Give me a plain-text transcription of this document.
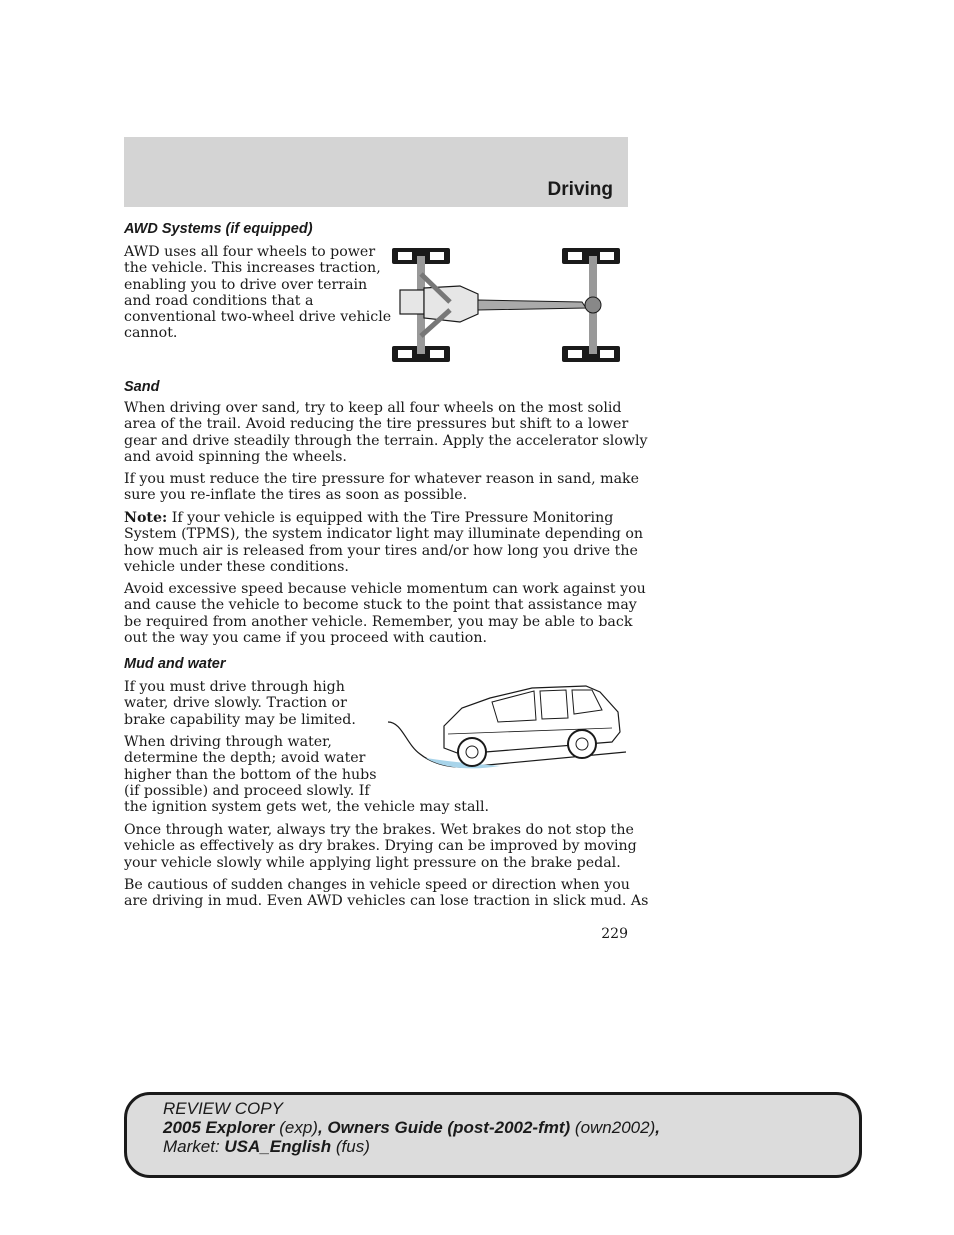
Driving
AWD Systems (if equipped)
AWD uses all four wheels to power
the vehicle. This increases traction,
enabling you to drive over terrain
and road conditions that a
conventional two-wheel drive vehicle
cannot.
Sand
When driving over sand, try to keep all four wheels on the most solid
area of the trail. Avoid reducing the tire pressures but shift to a lower
gear and drive steadily through the terrain. Apply the accelerator slowly
and avoid spinning the wheels.
If you must reduce the tire pressure for whatever reason in sand, make
sure you re-inflate the tires as soon as possible.
Note: If your vehicle is equipped with the Tire Pressure Monitoring
System (TPMS), the system indicator light may illuminate depending on
how much air is released from your tires and/or how long you drive the
vehicle under these conditions.
Avoid excessive speed because vehicle momentum can work against you
and cause the vehicle to become stuck to the point that assistance may
be required from another vehicle. Remember, you may be able to back
out the way you came if you proceed with caution.
Mud and water
If you must drive through high
water, drive slowly. Traction or
brake capability may be limited.
When driving through water,
determine the depth; avoid water
higher than the bottom of the hubs
(if possible) and proceed slowly. If
the ignition system gets wet, the vehicle may stall.
Once through water, always try the brakes. Wet brakes do not stop the
vehicle as effectively as dry brakes. Drying can be improved by moving
your vehicle slowly while applying light pressure on the brake pedal.
Be cautious of sudden changes in vehicle speed or direction when you
are driving in mud. Even AWD vehicles can lose traction in slick mud. As
229
REVIEW COPY
2005 Explorer (exp), Owners Guide (post-2002-fmt) (own2002),
Market: USA_English (fus)
